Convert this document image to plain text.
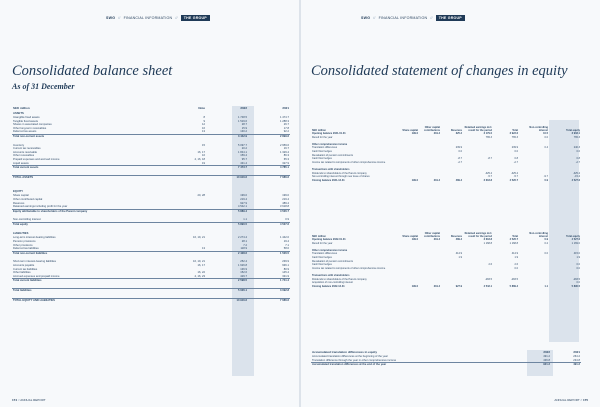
SWG // FINANCIAL INFORMATION //	THE GROUP
Consolidated balance sheet
As of 31 December
SEK million	Note	2022	2021
ASSETS			
Intangible fixed assets	8	1 748.5	1 474.7
Tangible fixed assets	9	1 519.6	1 288.3
Shares in associated companies	12	28.7	26.7
Other long-term receivables	16	15.9	17.8
Deferred tax assets	13	130.2	92.2
Total non-current assets		3 442.9	2 899.6

Inventory	15	5 097.7	2 959.6
Current tax receivables		20.2	16.7
Accounts receivable	16, 17	1 844.1	1 329.4
Other receivables	16	159.4	86.3
Prepaid expenses and accrued income	4, 16, 18	95.7	65.3
Liquid assets	19	431.4	327.9
Total current assets		7 473.7	4 785.1

TOTAL ASSETS		10 916.6	7 686.6

EQUITY			
Share capital	20, 28	199.0	199.0
Other contributed capital		219.4	219.4
Reserves		927.9	489.4
Retained earnings including profit for the year		4 542.1	3 618.8
Equity attributable to shareholders of the Parent company		5 889.4	4 526.7

Non-controlling interest		1.1	0.9
Total equity		5 890.5	4 527.6

LIABILITIES			
Long-term interest-bearing liabilities	16, 19, 21	2 274.4	1 442.0
Pension provisions		28.1	19.4
Other provisions		7.2	7.1
Deferred tax liabilities	13	118.9	58.0
Total non-current liabilities		2 428.6	1 526.5

Short-term interest-bearing liabilities	16, 19, 21	252.4	239.9
Accounts payable	16, 17	1 626.8	936.1
Current tax liabilities		136.9	80.9
Other liabilities	16, 22	152.6	145.4
Accrued expenses and prepaid income	4, 16, 23	429.7	331.9
Total current liabilities		2 598.5	1 741.4

Total liabilities		5 026.1	3 092.8

TOTAL EQUITY AND LIABILITIES		10 916.6	7 686.6
174 // ANNUAL REPORT
SWG // FINANCIAL INFORMATION //	THE GROUP
Consolidated statement of changes in equity
SEK million	Share capital	Other capital contributions	Reserves	Retained earnings incl. result for the period	Total	Non-controlling interest	Total equity
Opening balance 2021-01-01	199.0	219.4	325.2	3 179.0	3 922.6	10.5	3 933.1
Result for the year				765.3	765.3	0.0	765.3

Other comprehensive income							
Translation differences			239.9		239.9	0.4	240.3
Cash flow hedges			0.0		0.0		0.0
Revaluation of pension commitments							
Cash flow hedges			-8.7	-8.7	0.8		0.8
Income tax related to components of other comprehensive income			-2.7		-2.7		-2.7

Transactions with shareholders							
Dividends to shareholders of the Parent company				-325.4	-325.4		-325.4
Non-controlling interest through new issue of shares				-5.7	-5.7	-9.7	-15.4
Closing balance 2021-12-31	199.0	219.4	489.4	3 618.8	4 526.7	0.9	4 527.6
SEK million	Share capital	Other capital contributions	Reserves	Retained earnings incl. result for the period	Total	Non-controlling interest	Total equity
Opening balance 2022-01-01	199.0	219.4	489.4	3 618.8	4 526.7	0.9	4 527.6
Result for the year				1 168.8	1 168.8	0.2	1 169.0

Other comprehensive income							
Translation differences			414.9		414.9	0.0	415.0
Cash flow hedges			1.9		1.9		1.9
Revaluation of pension commitments							
Cash flow hedges				2.6	2.6		0.0
Income tax related to components of other comprehensive income					0.0		0.0

Transactions with shareholders							
Dividends to shareholders of the Parent company				-283.5	-283.5		-283.5
Acquisition of non-controlling interest							0.0
Closing balance 2022-12-31	199.0	219.4	927.9	4 542.1	5 889.4	1.1	5 890.5
Accumulated translation differences in equity	2022	2021
Accumulated translation differences at the beginning of the year	491.2	264.2
Translation difference through the year in other comprehensive income	436.8	234.8
Accumulated translation differences at the end of the year	921.2	491.2
ANNUAL REPORT // 175
